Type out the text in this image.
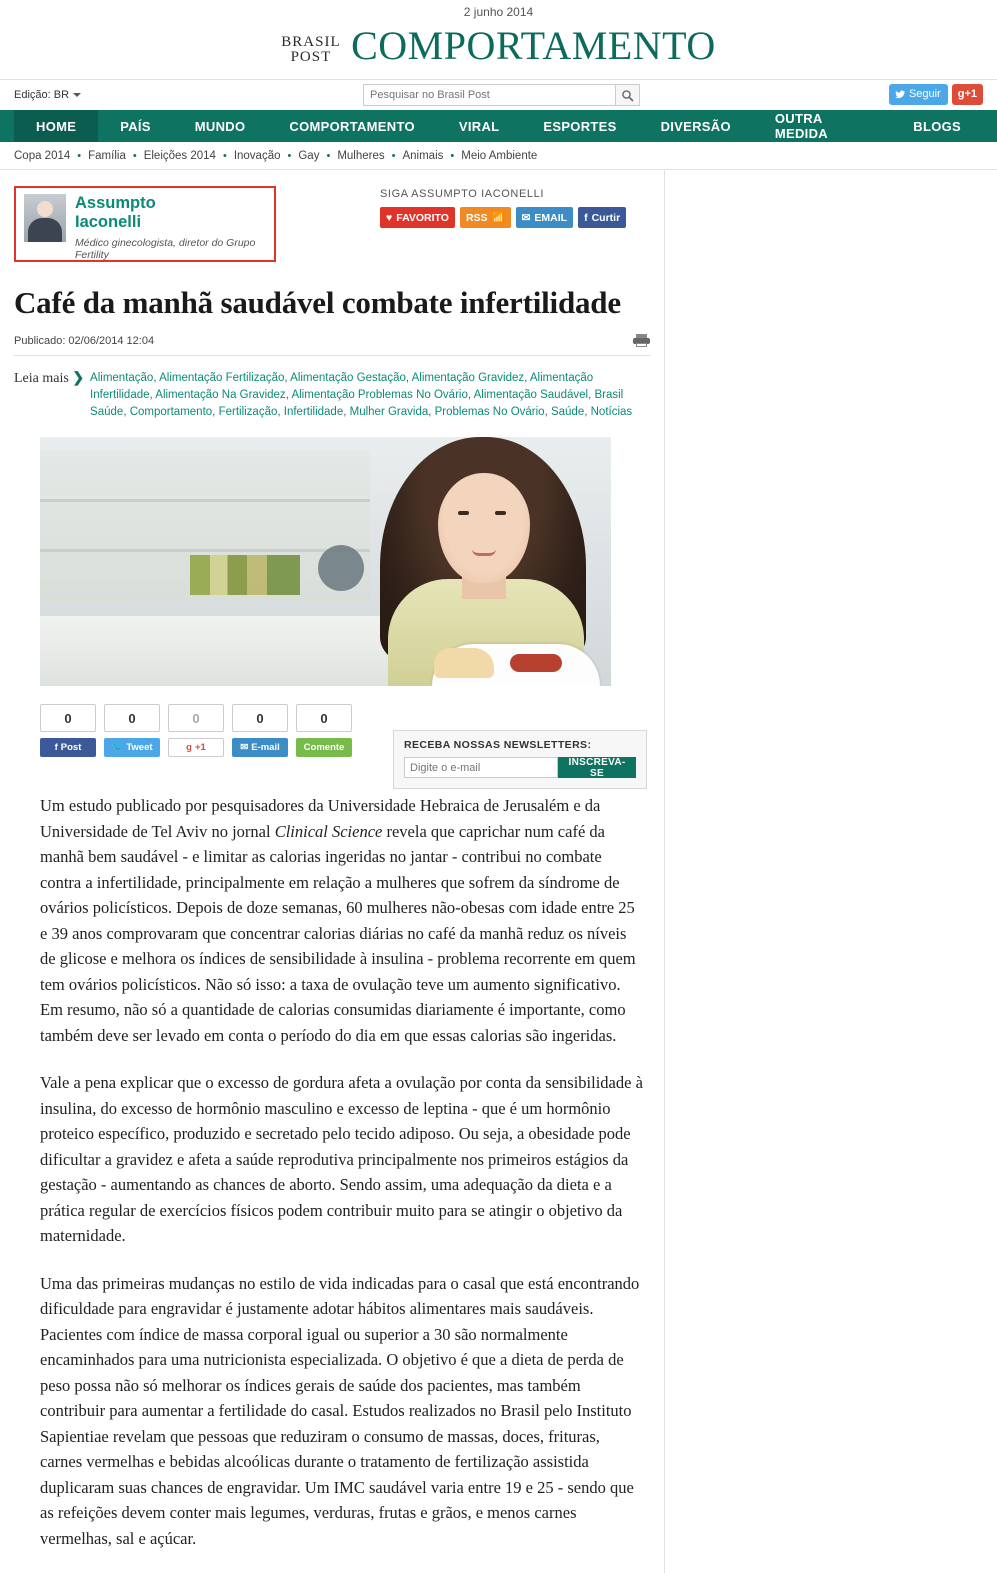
2 junho 2014
BRASIL
POST COMPORTAMENTO
Edição: BR
Pesquisar no Brasil Post	Seguir	g+1
HOME	PAÍS	MUNDO	COMPORTAMENTO	VIRAL	ESPORTES	DIVERSÃO	OUTRA MEDIDA	BLOGS
Copa 2014 • Família • Eleições 2014 • Inovação • Gay • Mulheres • Animais • Meio Ambiente
Assumpto
Iaconelli
Médico ginecologista, diretor do Grupo Fertility
SIGA ASSUMPTO IACONELLI
♥ FAVORITO RSS 📶 ✉ EMAIL f Curtir
Café da manhã saudável combate infertilidade
Publicado: 02/06/2014 12:04
Leia mais ❯ Alimentação, Alimentação Fertilização, Alimentação Gestação, Alimentação Gravidez, Alimentação Infertilidade, Alimentação Na Gravidez, Alimentação Problemas No Ovário, Alimentação Saudável, Brasil Saúde, Comportamento, Fertilização, Infertilidade, Mulher Gravida, Problemas No Ovário, Saúde, Notícias
0	0	0	0	0
f Post	🐦 Tweet	g +1	✉ E-mail	Comente

Um estudo publicado por pesquisadores da Universidade Hebraica de Jerusalém e da Universidade de Tel Aviv no jornal Clinical Science revela que caprichar num café da manhã bem saudável - e limitar as calorias ingeridas no jantar - contribui no combate contra a infertilidade, principalmente em relação a mulheres que sofrem da síndrome de ovários policísticos. Depois de doze semanas, 60 mulheres não-obesas com idade entre 25 e 39 anos comprovaram que concentrar calorias diárias no café da manhã reduz os níveis de glicose e melhora os índices de sensibilidade à insulina - problema recorrente em quem tem ovários policísticos. Não só isso: a taxa de ovulação teve um aumento significativo. Em resumo, não só a quantidade de calorias consumidas diariamente é importante, como também deve ser levado em conta o período do dia em que essas calorias são ingeridas.

Vale a pena explicar que o excesso de gordura afeta a ovulação por conta da sensibilidade à insulina, do excesso de hormônio masculino e excesso de leptina - que é um hormônio proteico específico, produzido e secretado pelo tecido adiposo. Ou seja, a obesidade pode dificultar a gravidez e afeta a saúde reprodutiva principalmente nos primeiros estágios da gestação - aumentando as chances de aborto. Sendo assim, uma adequação da dieta e a prática regular de exercícios físicos podem contribuir muito para se atingir o objetivo da maternidade.

Uma das primeiras mudanças no estilo de vida indicadas para o casal que está encontrando dificuldade para engravidar é justamente adotar hábitos alimentares mais saudáveis. Pacientes com índice de massa corporal igual ou superior a 30 são normalmente encaminhados para uma nutricionista especializada. O objetivo é que a dieta de perda de peso possa não só melhorar os índices gerais de saúde dos pacientes, mas também contribuir para aumentar a fertilidade do casal. Estudos realizados no Brasil pelo Instituto Sapientiae revelam que pessoas que reduziram o consumo de massas, doces, frituras, carnes vermelhas e bebidas alcoólicas durante o tratamento de fertilização assistida duplicaram suas chances de engravidar. Um IMC saudável varia entre 19 e 25 - sendo que as refeições devem conter mais legumes, verduras, frutas e grãos, e menos carnes vermelhas, sal e açúcar.

RECEBA NOSSAS NEWSLETTERS:
Digite o e-mail
INSCREVA-SE
